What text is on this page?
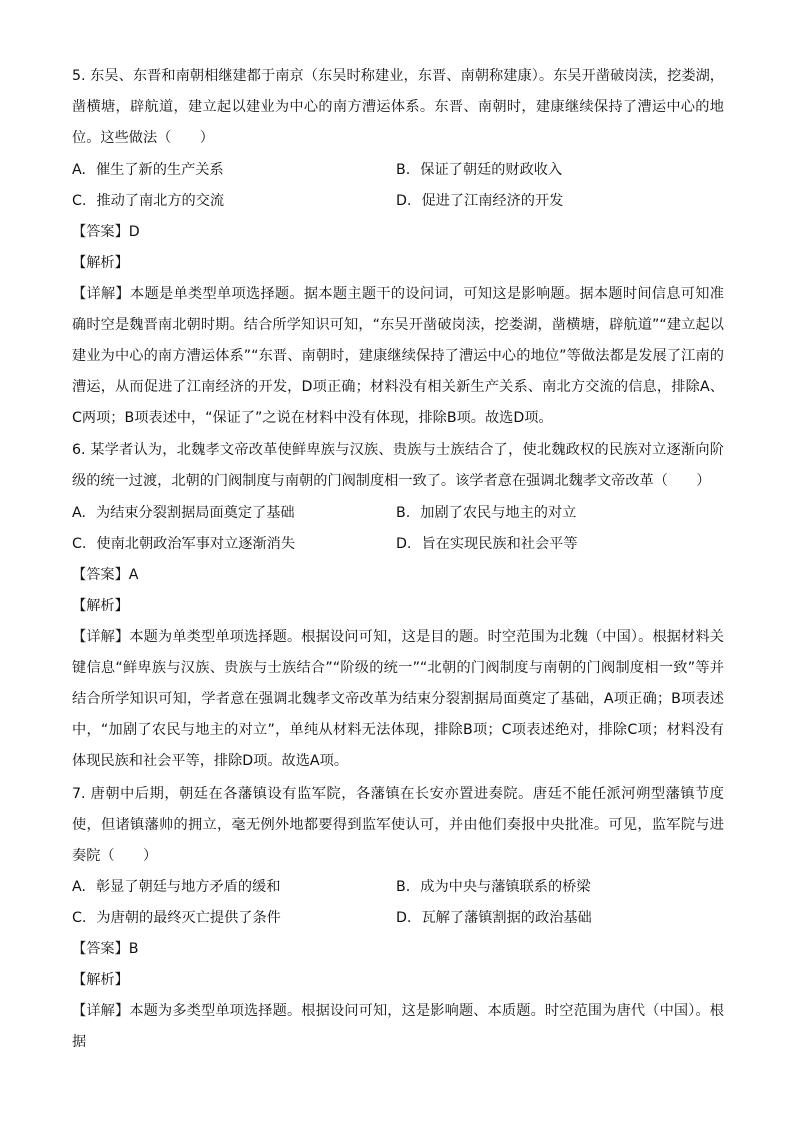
5. 东吴、东晋和南朝相继建都于南京（东吴时称建业，东晋、南朝称建康）。东吴开凿破岗渎，挖娄湖，凿横塘，辟航道，建立起以建业为中心的南方漕运体系。东晋、南朝时，建康继续保持了漕运中心的地位。这些做法（　　）

A. 催生了新的生产关系	B. 保证了朝廷的财政收入
C. 推动了南北方的交流	D. 促进了江南经济的开发
【答案】D
【解析】

【详解】本题是单类型单项选择题。据本题主题干的设问词，可知这是影响题。据本题时间信息可知准确时空是魏晋南北朝时期。结合所学知识可知，“东吴开凿破岗渎，挖娄湖，凿横塘，辟航道”“建立起以建业为中心的南方漕运体系”“东晋、南朝时，建康继续保持了漕运中心的地位”等做法都是发展了江南的漕运，从而促进了江南经济的开发，D项正确；材料没有相关新生产关系、南北方交流的信息，排除A、C两项；B项表述中，“保证了”之说在材料中没有体现，排除B项。故选D项。

6. 某学者认为，北魏孝文帝改革使鲜卑族与汉族、贵族与士族结合了，使北魏政权的民族对立逐渐向阶级的统一过渡，北朝的门阀制度与南朝的门阀制度相一致了。该学者意在强调北魏孝文帝改革（　　）

A. 为结束分裂割据局面奠定了基础	B. 加剧了农民与地主的对立
C. 使南北朝政治军事对立逐渐消失	D. 旨在实现民族和社会平等
【答案】A
【解析】

【详解】本题为单类型单项选择题。根据设问可知，这是目的题。时空范围为北魏（中国）。根据材料关键信息“鲜卑族与汉族、贵族与士族结合”“阶级的统一”“北朝的门阀制度与南朝的门阀制度相一致”等并结合所学知识可知，学者意在强调北魏孝文帝改革为结束分裂割据局面奠定了基础，A项正确；B项表述中，“加剧了农民与地主的对立”，单纯从材料无法体现，排除B项；C项表述绝对，排除C项；材料没有体现民族和社会平等，排除D项。故选A项。

7. 唐朝中后期，朝廷在各藩镇设有监军院，各藩镇在长安亦置进奏院。唐廷不能任派河朔型藩镇节度使，但诸镇藩帅的拥立，毫无例外地都要得到监军使认可，并由他们奏报中央批准。可见，监军院与进奏院（　　）

A. 彰显了朝廷与地方矛盾的缓和	B. 成为中央与藩镇联系的桥梁
C. 为唐朝的最终灭亡提供了条件	D. 瓦解了藩镇割据的政治基础
【答案】B
【解析】

【详解】本题为多类型单项选择题。根据设问可知，这是影响题、本质题。时空范围为唐代（中国）。根据
